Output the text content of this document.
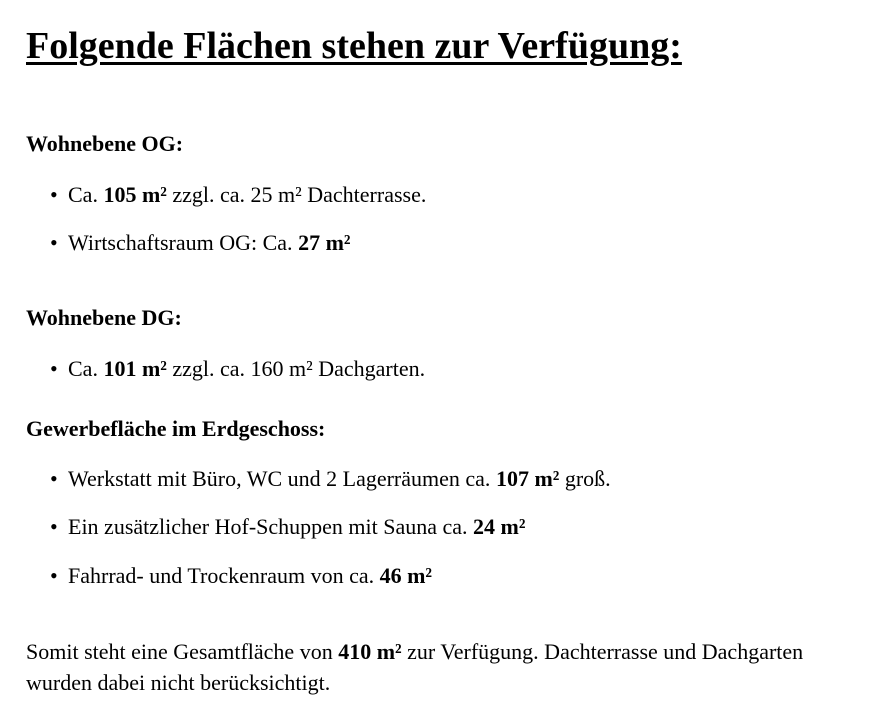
Folgende Flächen stehen zur Verfügung:
Wohnebene OG:
• Ca. 105 m² zzgl. ca. 25 m² Dachterrasse.
• Wirtschaftsraum OG: Ca. 27 m²
Wohnebene DG:
• Ca. 101 m² zzgl. ca. 160 m² Dachgarten.
Gewerbefläche im Erdgeschoss:
• Werkstatt mit Büro, WC und 2 Lagerräumen ca. 107 m² groß.
• Ein zusätzlicher Hof-Schuppen mit Sauna ca. 24 m²
• Fahrrad- und Trockenraum von ca. 46 m²

Somit steht eine Gesamtfläche von 410 m² zur Verfügung. Dachterrasse und Dachgarten wurden dabei nicht berücksichtigt.
